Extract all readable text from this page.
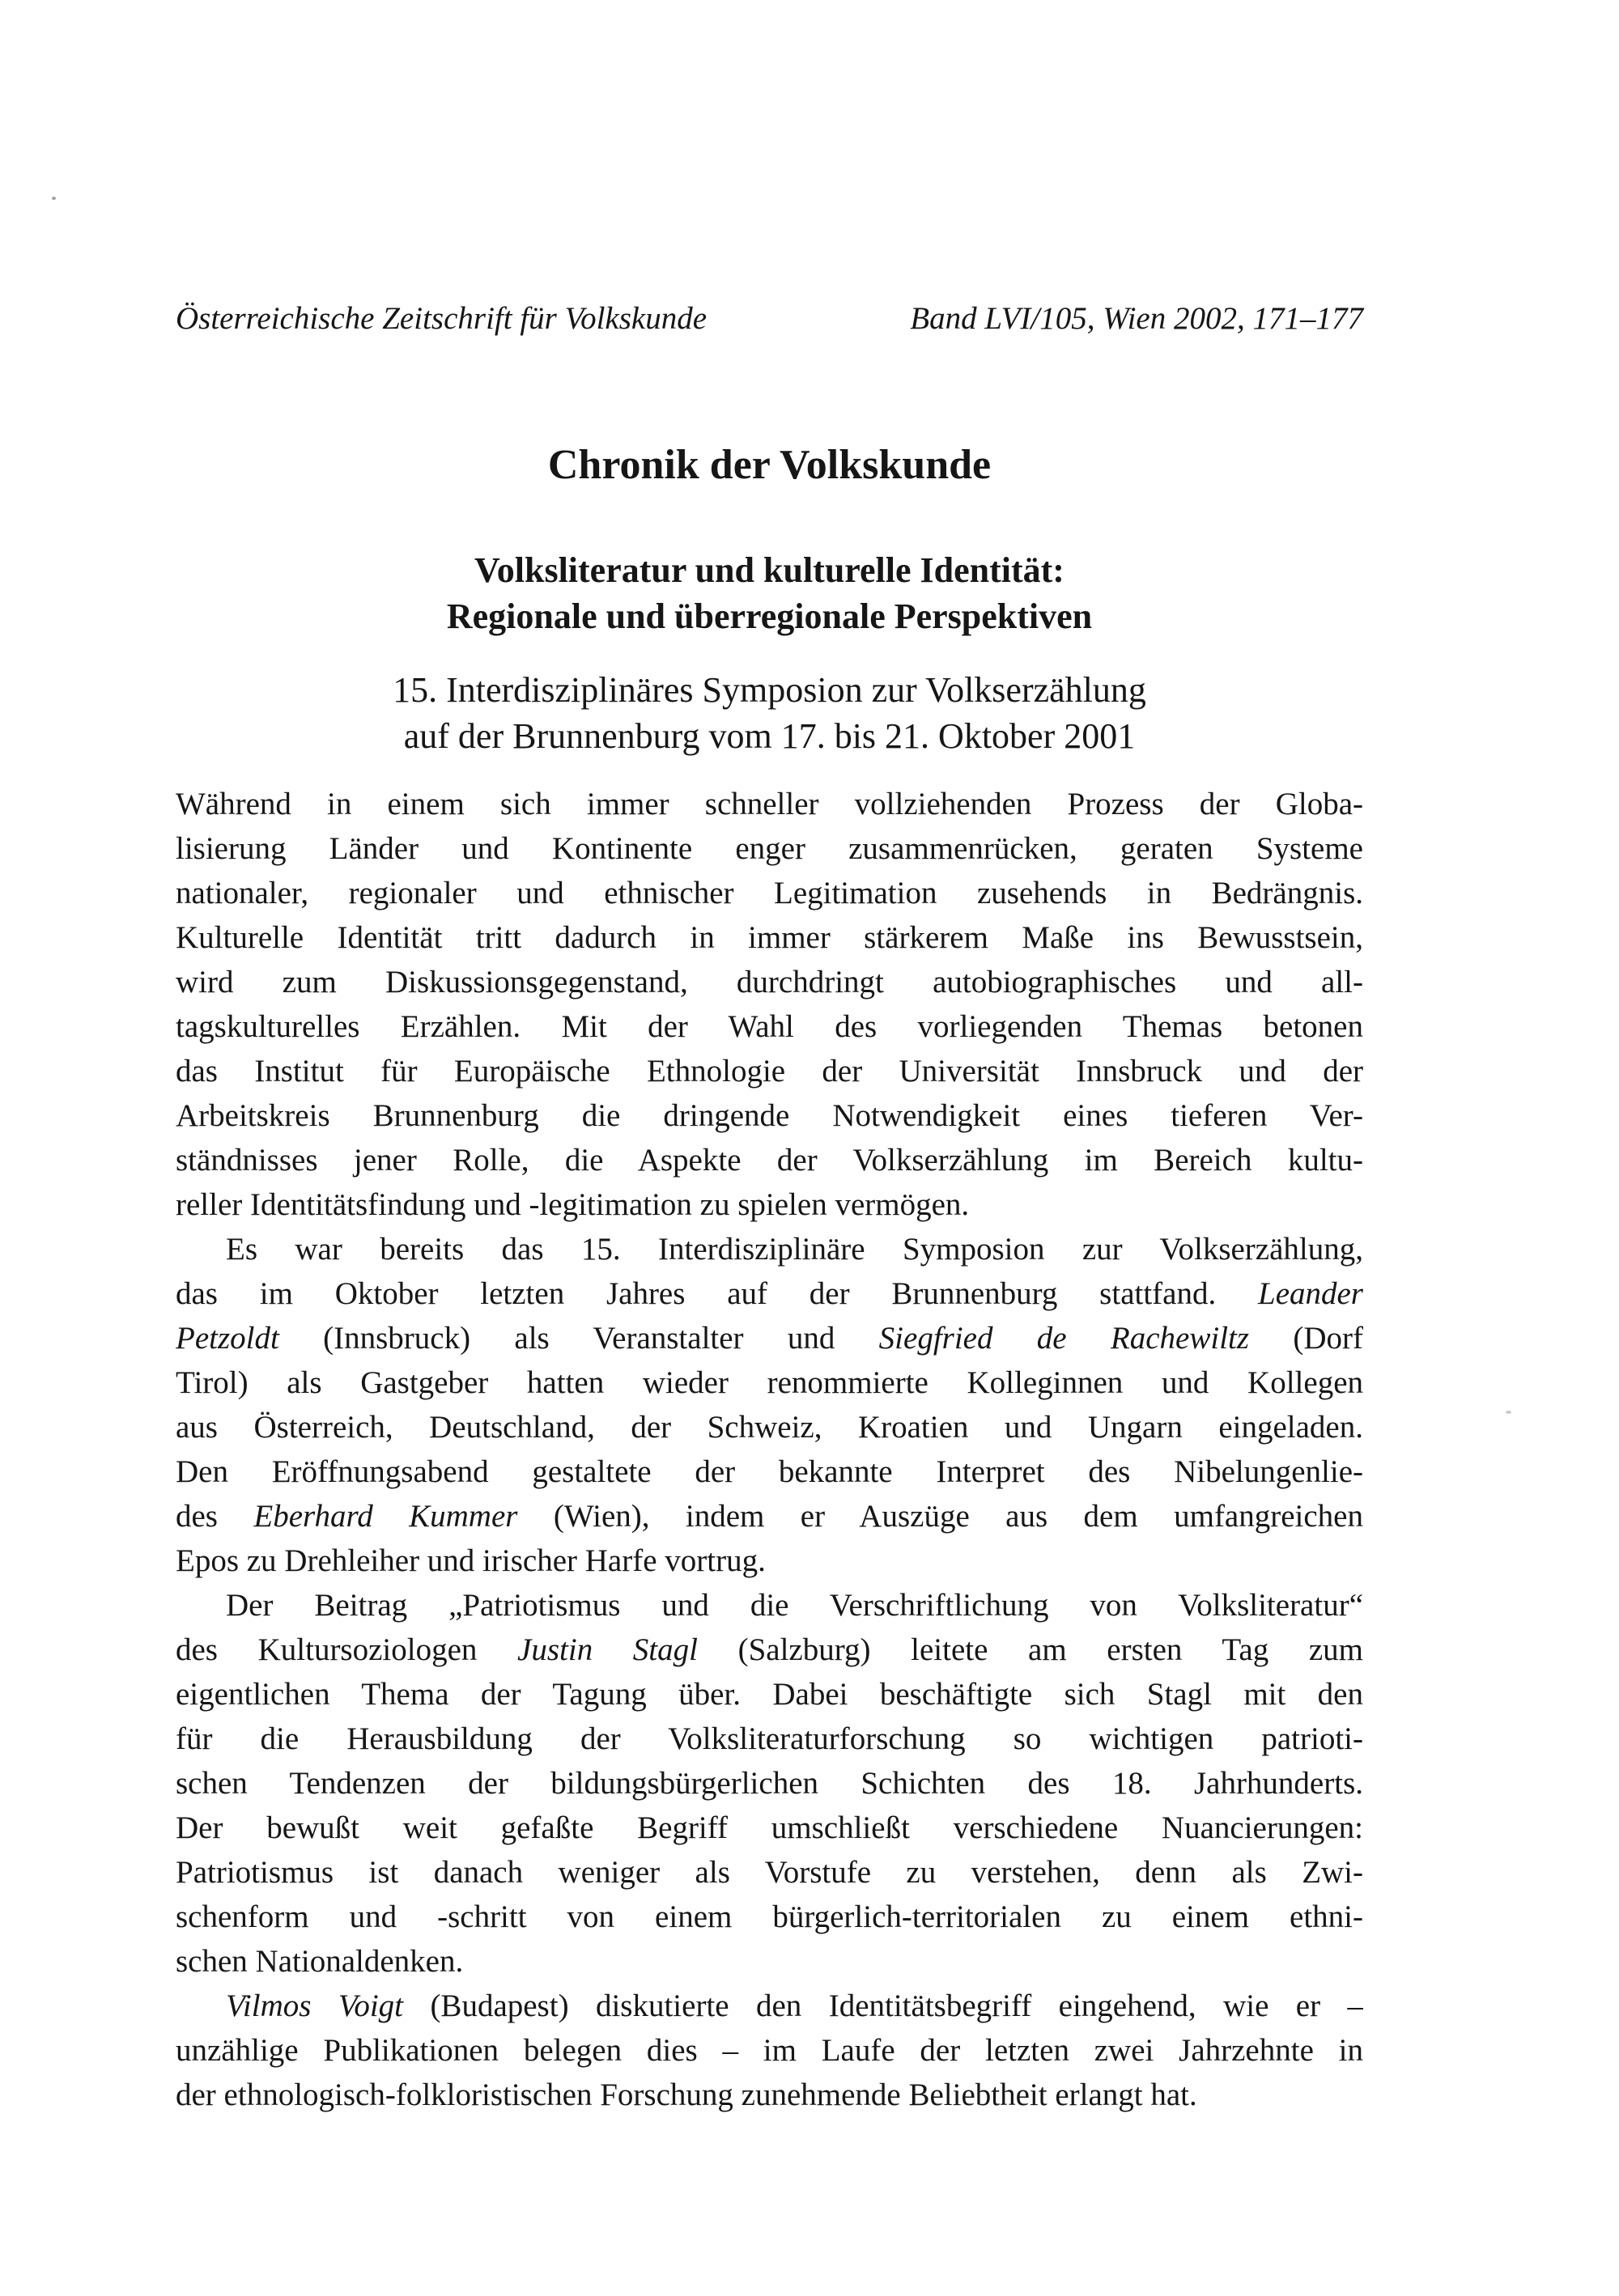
Österreichische Zeitschrift für Volkskunde	Band LVI/105, Wien 2002, 171–177
Chronik der Volkskunde
Volksliteratur und kulturelle Identität:
Regionale und überregionale Perspektiven
15. Interdisziplinäres Symposion zur Volkserzählung
auf der Brunnenburg vom 17. bis 21. Oktober 2001
Während in einem sich immer schneller vollziehenden Prozess der Globa-
lisierung Länder und Kontinente enger zusammenrücken, geraten Systeme
nationaler, regionaler und ethnischer Legitimation zusehends in Bedrängnis.
Kulturelle Identität tritt dadurch in immer stärkerem Maße ins Bewusstsein,
wird zum Diskussionsgegenstand, durchdringt autobiographisches und all-
tagskulturelles Erzählen. Mit der Wahl des vorliegenden Themas betonen
das Institut für Europäische Ethnologie der Universität Innsbruck und der
Arbeitskreis Brunnenburg die dringende Notwendigkeit eines tieferen Ver-
ständnisses jener Rolle, die Aspekte der Volkserzählung im Bereich kultu-
reller Identitätsfindung und -legitimation zu spielen vermögen.
Es war bereits das 15. Interdisziplinäre Symposion zur Volkserzählung,
das im Oktober letzten Jahres auf der Brunnenburg stattfand. Leander
Petzoldt (Innsbruck) als Veranstalter und Siegfried de Rachewiltz (Dorf
Tirol) als Gastgeber hatten wieder renommierte Kolleginnen und Kollegen
aus Österreich, Deutschland, der Schweiz, Kroatien und Ungarn eingeladen.
Den Eröffnungsabend gestaltete der bekannte Interpret des Nibelungenlie-
des Eberhard Kummer (Wien), indem er Auszüge aus dem umfangreichen
Epos zu Drehleiher und irischer Harfe vortrug.
Der Beitrag „Patriotismus und die Verschriftlichung von Volksliteratur“
des Kultursoziologen Justin Stagl (Salzburg) leitete am ersten Tag zum
eigentlichen Thema der Tagung über. Dabei beschäftigte sich Stagl mit den
für die Herausbildung der Volksliteraturforschung so wichtigen patrioti-
schen Tendenzen der bildungsbürgerlichen Schichten des 18. Jahrhunderts.
Der bewußt weit gefaßte Begriff umschließt verschiedene Nuancierungen:
Patriotismus ist danach weniger als Vorstufe zu verstehen, denn als Zwi-
schenform und -schritt von einem bürgerlich-territorialen zu einem ethni-
schen Nationaldenken.
Vilmos Voigt (Budapest) diskutierte den Identitätsbegriff eingehend, wie er –
unzählige Publikationen belegen dies – im Laufe der letzten zwei Jahrzehnte in
der ethnologisch-folkloristischen Forschung zunehmende Beliebtheit erlangt hat.
